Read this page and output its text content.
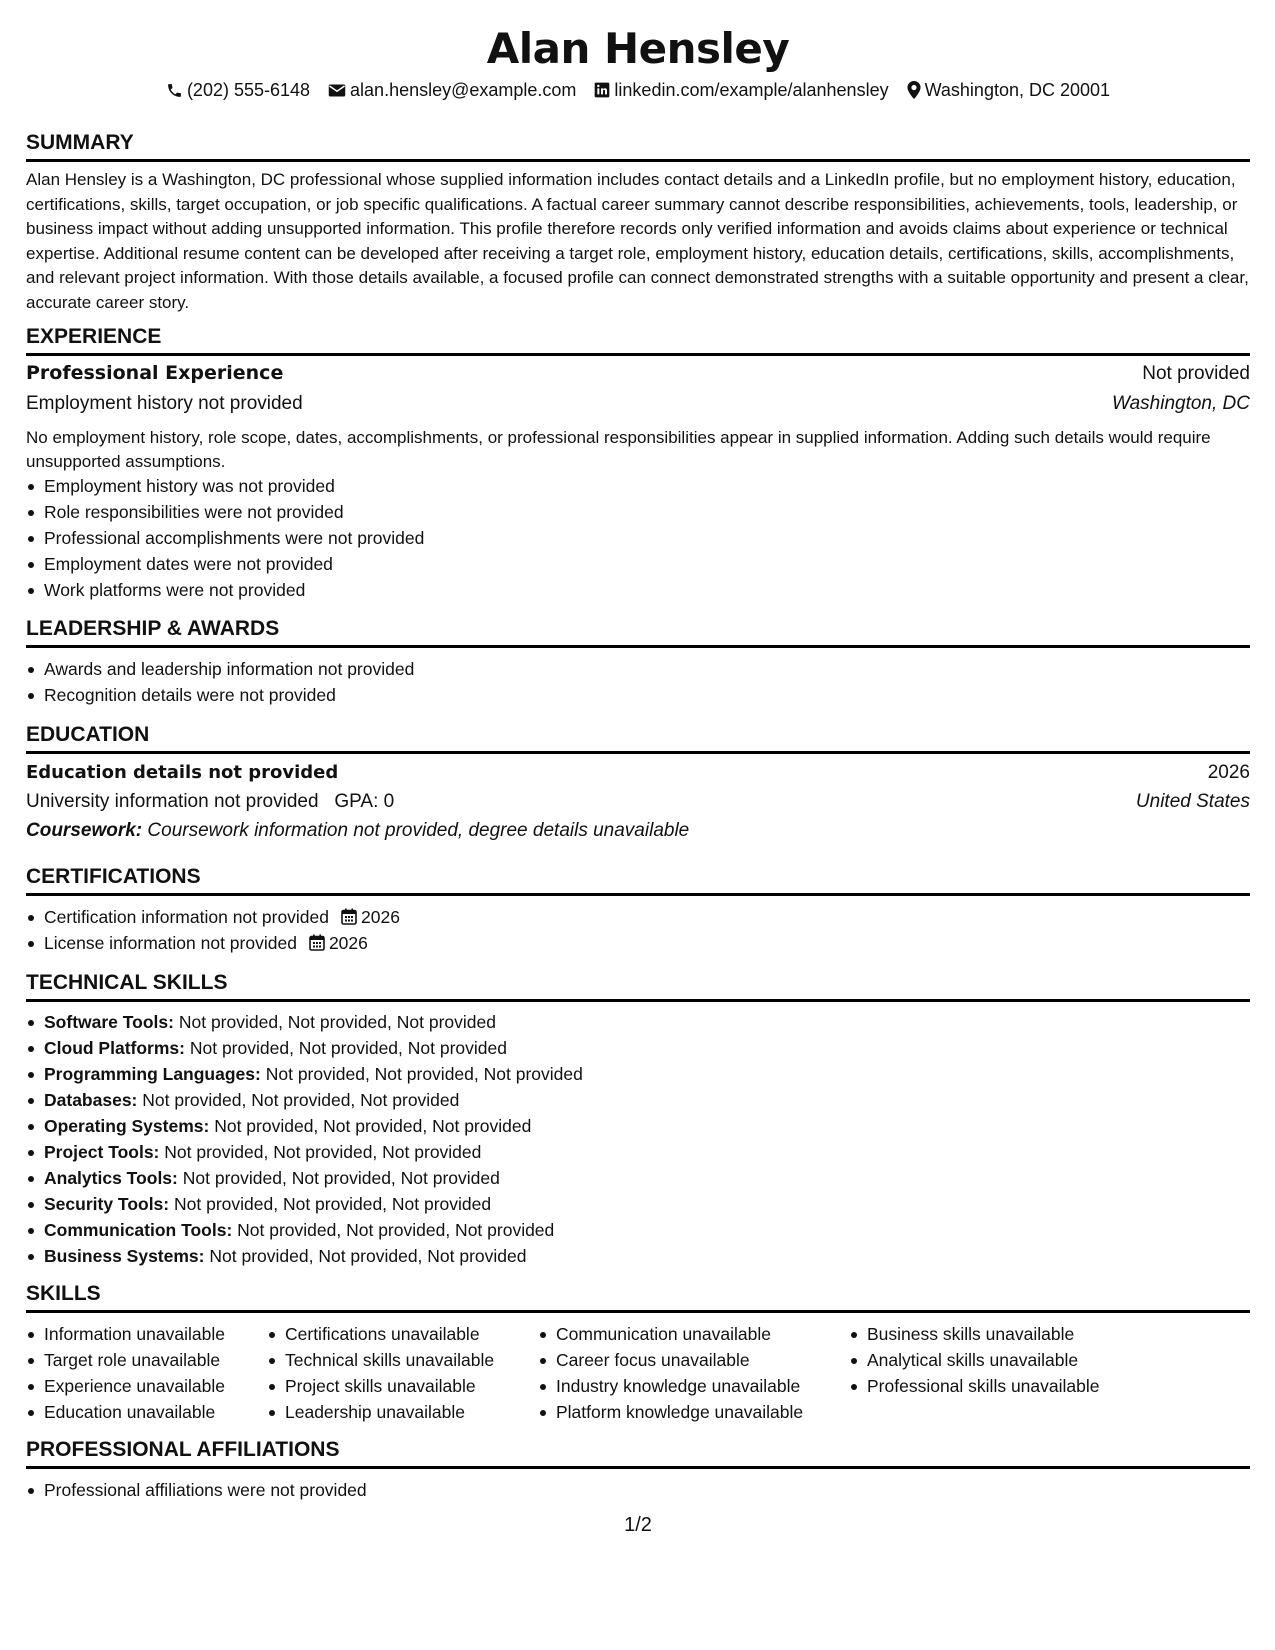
Alan Hensley
(202) 555-6148 alan.hensley@example.com linkedin.com/example/alanhensley Washington, DC 20001
SUMMARY
Alan Hensley is a Washington, DC professional whose supplied information includes contact details and a LinkedIn profile, but no employment history, education, certifications, skills, target occupation, or job specific qualifications. A factual career summary cannot describe responsibilities, achievements, tools, leadership, or business impact without adding unsupported information. This profile therefore records only verified information and avoids claims about experience or technical expertise. Additional resume content can be developed after receiving a target role, employment history, education details, certifications, skills, accomplishments, and relevant project information. With those details available, a focused profile can connect demonstrated strengths with a suitable opportunity and present a clear, accurate career story.
EXPERIENCE
Professional Experience	Not provided
Employment history not provided	Washington, DC
No employment history, role scope, dates, accomplishments, or professional responsibilities appear in supplied information. Adding such details would require unsupported assumptions.
Employment history was not provided
Role responsibilities were not provided
Professional accomplishments were not provided
Employment dates were not provided
Work platforms were not provided
LEADERSHIP & AWARDS
Awards and leadership information not provided
Recognition details were not provided
EDUCATION
Education details not provided	2026
University information not provided GPA: 0	United States
Coursework: Coursework information not provided, degree details unavailable
CERTIFICATIONS
Certification information not provided 2026
License information not provided 2026
TECHNICAL SKILLS
Software Tools: Not provided, Not provided, Not provided
Cloud Platforms: Not provided, Not provided, Not provided
Programming Languages: Not provided, Not provided, Not provided
Databases: Not provided, Not provided, Not provided
Operating Systems: Not provided, Not provided, Not provided
Project Tools: Not provided, Not provided, Not provided
Analytics Tools: Not provided, Not provided, Not provided
Security Tools: Not provided, Not provided, Not provided
Communication Tools: Not provided, Not provided, Not provided
Business Systems: Not provided, Not provided, Not provided
SKILLS
Information unavailable
Target role unavailable
Experience unavailable
Education unavailable
Certifications unavailable
Technical skills unavailable
Project skills unavailable
Leadership unavailable
Communication unavailable
Career focus unavailable
Industry knowledge unavailable
Platform knowledge unavailable
Business skills unavailable
Analytical skills unavailable
Professional skills unavailable
PROFESSIONAL AFFILIATIONS
Professional affiliations were not provided
1/2
